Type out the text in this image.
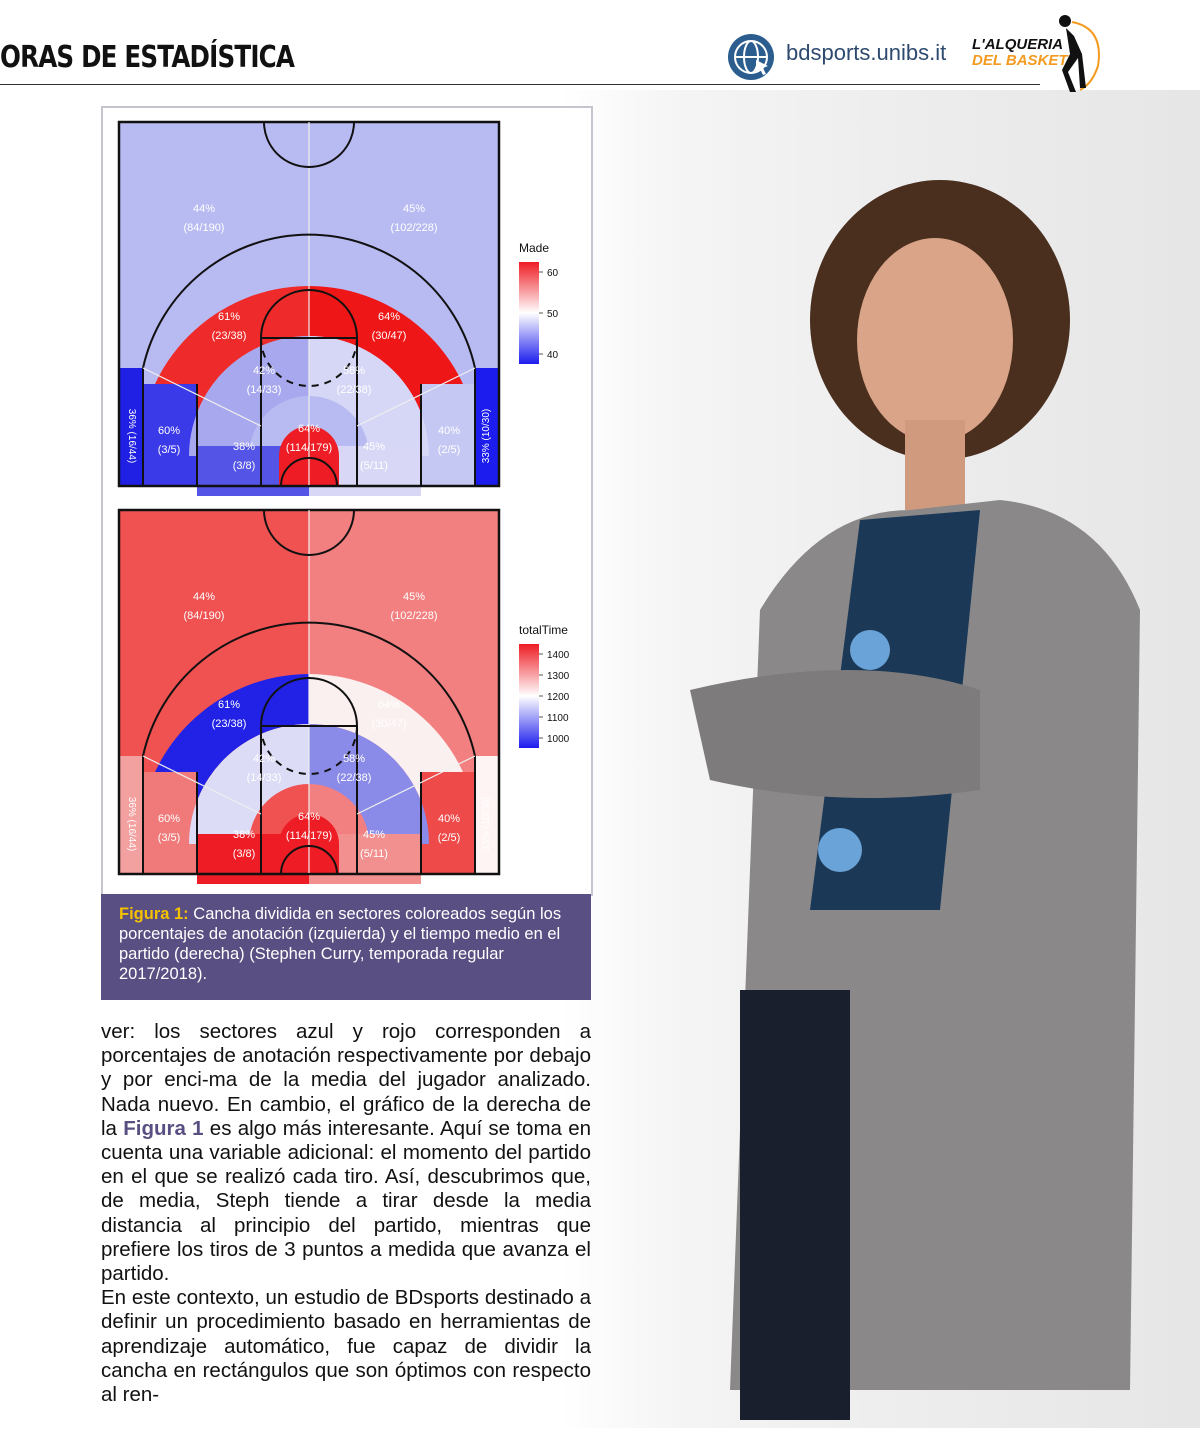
ORAS DE ESTADÍSTICA	bdsports.unibs.it L'ALQUERIA
DEL BASKET
44%
(84/190)
45%
(102/228)
61%
(23/38)
64%
(30/47)
42%
(14/33)
58%
(22/38)
64%
(114/179)
38%
(3/8)
45%
(5/11)
60%
(3/5)
40%
(2/5)
36% (16/44)	33% (10/30)
44%
(84/190)
45%
(102/228)
61%
(23/38)
64%
(30/47)
42%
(14/33)
58%
(22/38)
64%
(114/179)
38%
(3/8)
45%
(5/11)
60%
(3/5)
40%
(2/5)
36% (16/44)	33% (10/30)
Made
60
50
40
totalTime
1400
1300
1200
1100
1000
Figura 1: Cancha dividida en sectores coloreados según los porcentajes de anotación (izquierda) y el tiempo medio en el partido (derecha) (Stephen Curry, temporada regular 2017/2018).

ver: los sectores azul y rojo corresponden a porcentajes de anotación respectivamente por debajo y por enci-ma de la media del jugador analizado. Nada nuevo. En cambio, el gráfico de la derecha de la Figura 1 es algo más interesante. Aquí se toma en cuenta una variable adicional: el momento del partido en el que se realizó cada tiro. Así, descubrimos que, de media, Steph tiende a tirar desde la media distancia al principio del partido, mientras que prefiere los tiros de 3 puntos a medida que avanza el partido.

En este contexto, un estudio de BDsports destinado a definir un procedimiento basado en herramientas de aprendizaje automático, fue capaz de dividir la cancha en rectángulos que son óptimos con respecto al ren-
